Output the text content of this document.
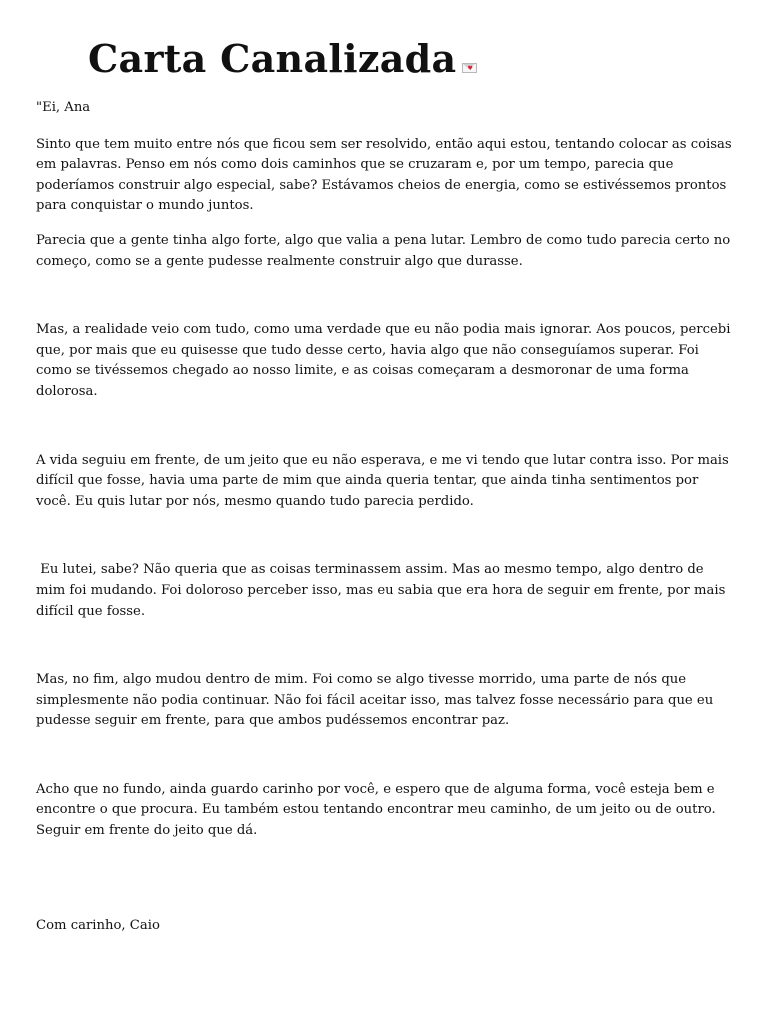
Carta Canalizada ♥

"Ei, Ana

Sinto que tem muito entre nós que ficou sem ser resolvido, então aqui estou, tentando colocar as coisas em palavras. Penso em nós como dois caminhos que se cruzaram e, por um tempo, parecia que poderíamos construir algo especial, sabe? Estávamos cheios de energia, como se estivéssemos prontos para conquistar o mundo juntos.

Parecia que a gente tinha algo forte, algo que valia a pena lutar. Lembro de como tudo parecia certo no começo, como se a gente pudesse realmente construir algo que durasse.

Mas, a realidade veio com tudo, como uma verdade que eu não podia mais ignorar. Aos poucos, percebi que, por mais que eu quisesse que tudo desse certo, havia algo que não conseguíamos superar. Foi como se tivéssemos chegado ao nosso limite, e as coisas começaram a desmoronar de uma forma dolorosa.

A vida seguiu em frente, de um jeito que eu não esperava, e me vi tendo que lutar contra isso. Por mais difícil que fosse, havia uma parte de mim que ainda queria tentar, que ainda tinha sentimentos por você. Eu quis lutar por nós, mesmo quando tudo parecia perdido.

Eu lutei, sabe? Não queria que as coisas terminassem assim. Mas ao mesmo tempo, algo dentro de mim foi mudando. Foi doloroso perceber isso, mas eu sabia que era hora de seguir em frente, por mais difícil que fosse.

Mas, no fim, algo mudou dentro de mim. Foi como se algo tivesse morrido, uma parte de nós que simplesmente não podia continuar. Não foi fácil aceitar isso, mas talvez fosse necessário para que eu pudesse seguir em frente, para que ambos pudéssemos encontrar paz.

Acho que no fundo, ainda guardo carinho por você, e espero que de alguma forma, você esteja bem e encontre o que procura. Eu também estou tentando encontrar meu caminho, de um jeito ou de outro. Seguir em frente do jeito que dá.

Com carinho, Caio
